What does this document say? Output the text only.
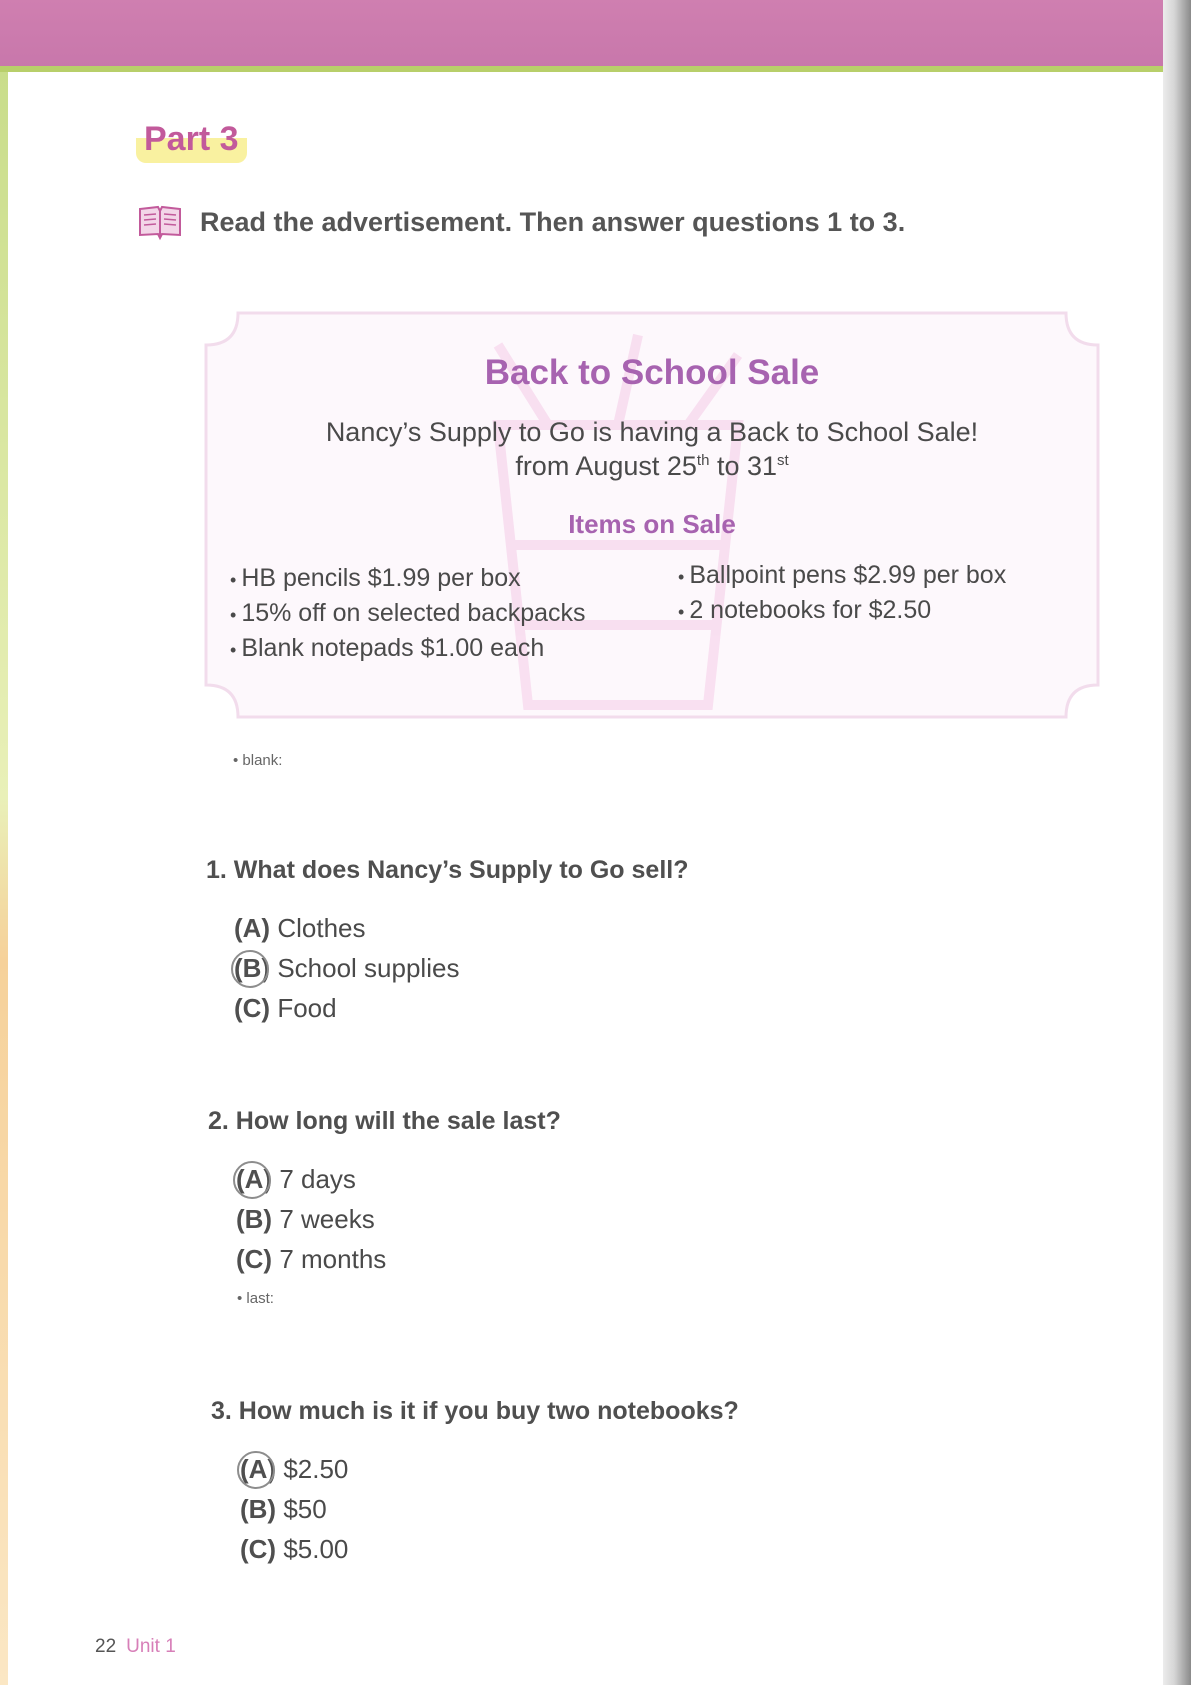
Part 3
Read the advertisement. Then answer questions 1 to 3.
Back to School Sale
Nancy’s Supply to Go is having a Back to School Sale!
from August 25th to 31st
Items on Sale
• HB pencils $1.99 per box
• 15% off on selected backpacks
• Blank notepads $1.00 each
• Ballpoint pens $2.99 per box
• 2 notebooks for $2.50
• blank:
1. What does Nancy’s Supply to Go sell?
(A) Clothes
(B) School supplies
(C) Food
2. How long will the sale last?
(A) 7 days
(B) 7 weeks
(C) 7 months
• last:
3. How much is it if you buy two notebooks?
(A) $2.50
(B) $50
(C) $5.00
22 Unit 1
